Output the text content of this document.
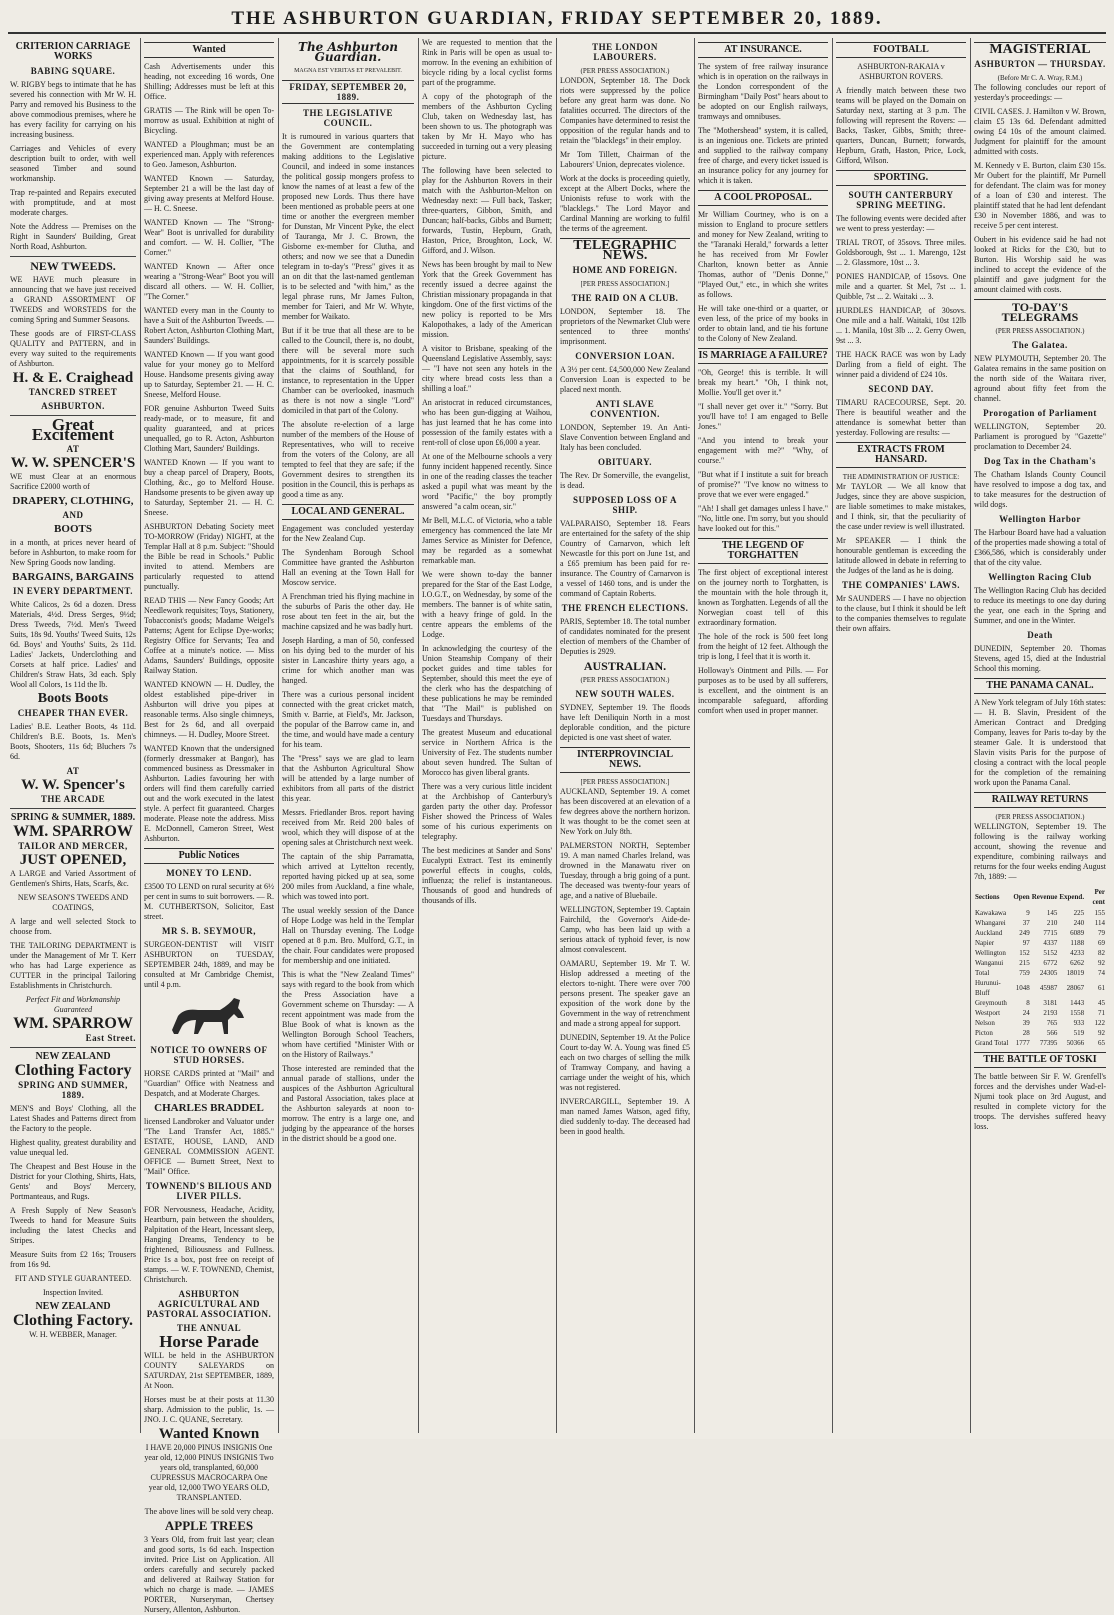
THE ASHBURTON GUARDIAN, FRIDAY SEPTEMBER 20, 1889.
CRITERION CARRIAGE WORKS
BABING SQUARE.

W. RIGBY begs to intimate that he has severed his connection with Mr W. H. Parry and removed his Business to the above commodious premises, where he has every facility for carrying on his increasing business.

Carriages and Vehicles of every description built to order, with well seasoned Timber and sound workmanship.

Trap re-painted and Repairs executed with promptitude, and at most moderate charges.

Note the Address — Premises on the Right in Saunders' Building, Great North Road, Ashburton.

NEW TWEEDS.

WE HAVE much pleasure in announcing that we have just received a GRAND ASSORTMENT OF TWEEDS and WORSTEDS for the coming Spring and Summer Seasons.

These goods are of FIRST-CLASS QUALITY and PATTERN, and in every way suited to the requirements of Ashburton.

H. & E. Craighead
TANCRED STREET
ASHBURTON.
Great Excitement
AT
W. W. SPENCER'S

WE must Clear at an enormous Sacrifice £2000 worth of

DRAPERY, CLOTHING,
AND
BOOTS

in a month, at prices never heard of before in Ashburton, to make room for New Spring Goods now landing.

BARGAINS, BARGAINS
IN EVERY DEPARTMENT.

White Calicos, 2s 6d a dozen. Dress Materials, 4½d. Dress Serges, 9½d; Dress Tweeds, 7½d. Men's Tweed Suits, 18s 9d. Youths' Tweed Suits, 12s 6d. Boys' and Youths' Suits, 2s 11d. Ladies' Jackets, Underclothing and Corsets at half price. Ladies' and Children's Straw Hats, 3d each. Sply Wool all Colors, 1s 11d the lb.

Boots Boots
CHEAPER THAN EVER.

Ladies' B.E. Leather Boots, 4s 11d. Children's B.E. Boots, 1s. Men's Boots, Shooters, 11s 6d; Bluchers 7s 6d.

AT
W. W. Spencer's
THE ARCADE
SPRING & SUMMER, 1889.
WM. SPARROW
TAILOR AND MERCER,
JUST OPENED,

A LARGE and Varied Assortment of Gentlemen's Shirts, Hats, Scarfs, &c.

NEW SEASON'S TWEEDS AND COATINGS,

A large and well selected Stock to choose from.

THE TAILORING DEPARTMENT is under the Management of Mr T. Kerr who has had Large experience as CUTTER in the principal Tailoring Establishments in Christchurch.

Perfect Fit and Workmanship Guaranteed

WM. SPARROW
East Street.
NEW ZEALAND
Clothing Factory
SPRING AND SUMMER, 1889.

MEN'S and Boys' Clothing, all the Latest Shades and Patterns direct from the Factory to the people.

Highest quality, greatest durability and value unequal led.

The Cheapest and Best House in the District for your Clothing, Shirts, Hats, Gents' and Boys' Mercery, Portmanteaus, and Rugs.

A Fresh Supply of New Season's Tweeds to hand for Measure Suits including the latest Checks and Stripes.

Measure Suits from £2 16s; Trousers from 16s 9d.

FIT AND STYLE GUARANTEED.

Inspection Invited.

NEW ZEALAND
Clothing Factory.

W. H. WEBBER, Manager.

Wanted

Cash Advertisements under this heading, not exceeding 16 words, One Shilling; Addresses must be left at this Office.

GRATIS — The Rink will be open To-morrow as usual. Exhibition at night of Bicycling.

WANTED a Ploughman; must be an experienced man. Apply with references to Geo. Jameson, Ashburton.

WANTED Known — Saturday, September 21 a will be the last day of giving away presents at Melford House. — H. C. Sneese.

WANTED Known — The "Strong-Wear" Boot is unrivalled for durability and comfort. — W. H. Collier, "The Corner."

WANTED Known — After once wearing a "Strong-Wear" Boot you will discard all others. — W. H. Collier, "The Corner."

WANTED every man in the County to have a Suit of the Ashburton Tweeds. — Robert Acton, Ashburton Clothing Mart, Saunders' Buildings.

WANTED Known — If you want good value for your money go to Melford House. Handsome presents giving away up to Saturday, September 21. — H. C. Sneese, Melford House.

FOR genuine Ashburton Tweed Suits ready-made, or to measure, fit and quality guaranteed, and at prices unequalled, go to R. Acton, Ashburton Clothing Mart, Saunders' Buildings.

WANTED Known — If you want to buy a cheap parcel of Drapery, Boots, Clothing, &c., go to Melford House. Handsome presents to be given away up to Saturday, September 21. — H. C. Sneese.

ASHBURTON Debating Society meet TO-MORROW (Friday) NIGHT, at the Templar Hall at 8 p.m. Subject: "Should the Bible be read in Schools." Public invited to attend. Members are particularly requested to attend punctually.

READ THIS — New Fancy Goods; Art Needlework requisites; Toys, Stationery, Tobacconist's goods; Madame Weigel's Patterns; Agent for Eclipse Dye-works; Registry Office for Servants; Tea and Coffee at a minute's notice. — Miss Adams, Saunders' Buildings, opposite Railway Station.

WANTED KNOWN — H. Dudley, the oldest established pipe-driver in Ashburton will drive you pipes at reasonable terms. Also single chimneys, Best for 2s 6d, and all overpaid chimneys. — H. Dudley, Moore Street.

WANTED Known that the undersigned (formerly dressmaker at Bangor), has commenced business as Dressmaker in Ashburton. Ladies favouring her with orders will find them carefully carried out and the work executed in the latest style. A perfect fit guaranteed. Charges moderate. Please note the address. Miss E. McDonnell, Cameron Street, West Ashburton.

Public Notices
MONEY TO LEND.

£3500 TO LEND on rural security at 6½ per cent in sums to suit borrowers. — R. M. CUTHBERTSON, Solicitor, East street.

MR S. B. SEYMOUR,

SURGEON-DENTIST will VISIT ASHBURTON on TUESDAY, SEPTEMBER 24th, 1889, and may be consulted at Mr Cambridge Chemist, until 4 p.m.

NOTICE TO OWNERS OF STUD HORSES.

HORSE CARDS printed at "Mail" and "Guardian" Office with Neatness and Despatch, and at Moderate Charges.

CHARLES BRADDEL

licensed Landbroker and Valuator under "The Land Transfer Act, 1885." ESTATE, HOUSE, LAND, AND GENERAL COMMISSION AGENT. OFFICE — Burnett Street, Next to "Mail" Office.

TOWNEND'S BILIOUS AND LIVER PILLS.

FOR Nervousness, Headache, Acidity, Heartburn, pain between the shoulders, Palpitation of the Heart, Incessant sleep, Hanging Dreams, Tendency to be frightened, Biliousness and Fullness. Price 1s a box, post free on receipt of stamps. — W. F. TOWNEND, Chemist, Christchurch.

ASHBURTON AGRICULTURAL AND PASTORAL ASSOCIATION.
THE ANNUAL
Horse Parade

WILL be held in the ASHBURTON COUNTY SALEYARDS on SATURDAY, 21st SEPTEMBER, 1889, At Noon.

Horses must be at their posts at 11.30 sharp. Admission to the public, 1s. — JNO. J. C. QUANE, Secretary.

Wanted Known

I HAVE 20,000 PINUS INSIGNIS One year old, 12,000 PINUS INSIGNIS Two years old, transplanted, 60,000 CUPRESSUS MACROCARPA One year old, 12,000 TWO YEARS OLD, TRANSPLANTED.

The above lines will be sold very cheap.

APPLE TREES

3 Years Old, from fruit last year; clean and good sorts, 1s 6d each. Inspection invited. Price List on Application. All orders carefully and securely packed and delivered at Railway Station for which no charge is made. — JAMES PORTER, Nurseryman, Chertsey Nursery, Allenton, Ashburton.

The Ashburton Guardian.
MAGNA EST VERITAS ET PREVALEBIT.
FRIDAY, SEPTEMBER 20, 1889.
THE LEGISLATIVE COUNCIL.

It is rumoured in various quarters that the Government are contemplating making additions to the Legislative Council, and indeed in some instances the political gossip mongers profess to know the names of at least a few of the proposed new Lords. Thus there have been mentioned as probable peers at one time or another the evergreen member for Dunstan, Mr Vincent Pyke, the elect of Tauranga, Mr J. C. Brown, the Gisborne ex-member for Clutha, and others; and now we see that a Dunedin telegram in to-day's "Press" gives it as an on dit that the last-named gentleman is to be selected and "with him," as the legal phrase runs, Mr James Fulton, member for Taieri, and Mr W. Whyte, member for Waikato.

But if it be true that all these are to be called to the Council, there is, no doubt, there will be several more such appointments, for it is scarcely possible that the claims of Southland, for instance, to representation in the Upper Chamber can be overlooked, inasmuch as there is not now a single "Lord" domiciled in that part of the Colony.

The absolute re-election of a large number of the members of the House of Representatives, who will to receive from the voters of the Colony, are all tempted to feel that they are safe; if the Government desires to strengthen its position in the Council, this is perhaps as good a time as any.

LOCAL AND GENERAL.

Engagement was concluded yesterday for the New Zealand Cup.

The Syndenham Borough School Committee have granted the Ashburton Hall an evening at the Town Hall for Moscow service.

A Frenchman tried his flying machine in the suburbs of Paris the other day. He rose about ten feet in the air, but the machine capsized and he was badly hurt.

Joseph Harding, a man of 50, confessed on his dying bed to the murder of his sister in Lancashire thirty years ago, a crime for which another man was hanged.

There was a curious personal incident connected with the great cricket match, Smith v. Barrie, at Field's, Mr. Jackson, the popular of the Barrow came in, and the time, and would have made a century for his team.

The "Press" says we are glad to learn that the Ashburton Agricultural Show will be attended by a large number of exhibitors from all parts of the district this year.

Messrs. Friedlander Bros. report having received from Mr. Reid 200 bales of wool, which they will dispose of at the opening sales at Christchurch next week.

The captain of the ship Parramatta, which arrived at Lyttelton recently, reported having picked up at sea, some 200 miles from Auckland, a fine whale, which was towed into port.

The usual weekly session of the Dance of Hope Lodge was held in the Templar Hall on Thursday evening. The Lodge opened at 8 p.m. Bro. Mulford, G.T., in the chair. Four candidates were proposed for membership and one initiated.

This is what the "New Zealand Times" says with regard to the book from which the Press Association have a Government scheme on Thursday: — A recent appointment was made from the Blue Book of what is known as the Wellington Borough School Teachers, whom have certified "Minister With or on the History of Railways."

Those interested are reminded that the annual parade of stallions, under the auspices of the Ashburton Agricultural and Pastoral Association, takes place at the Ashburton saleyards at noon to-morrow. The entry is a large one, and judging by the appearance of the horses in the district should be a good one.

We are requested to mention that the Rink in Paris will be open as usual to-morrow. In the evening an exhibition of bicycle riding by a local cyclist forms part of the programme.

A copy of the photograph of the members of the Ashburton Cycling Club, taken on Wednesday last, has been shown to us. The photograph was taken by Mr H. Mayo who has succeeded in turning out a very pleasing picture.

The following have been selected to play for the Ashburton Rovers in their match with the Ashburton-Melton on Wednesday next: — Full back, Tasker; three-quarters, Gibbon, Smith, and Duncan; half-backs, Gibbs and Burnett; forwards, Tustin, Hepburn, Grath, Haston, Price, Broughton, Lock, W. Gifford, and J. Wilson.

News has been brought by mail to New York that the Greek Government has recently issued a decree against the Christian missionary propaganda in that kingdom. One of the first victims of the new policy is reported to be Mrs Kalopothakes, a lady of the American mission.

A visitor to Brisbane, speaking of the Queensland Legislative Assembly, says: — "I have not seen any hotels in the city where bread costs less than a shilling a loaf."

An aristocrat in reduced circumstances, who has been gun-digging at Waihou, has just learned that he has come into possession of the family estates with a rent-roll of close upon £6,000 a year.

At one of the Melbourne schools a very funny incident happened recently. Since in one of the reading classes the teacher asked a pupil what was meant by the word "Pacific," the boy promptly answered "a calm ocean, sir."

Mr Bell, M.L.C. of Victoria, who a table emergency has commenced the late Mr James Service as Minister for Defence, may be regarded as a somewhat remarkable man.

We were shown to-day the banner prepared for the Star of the East Lodge, I.O.G.T., on Wednesday, by some of the members. The banner is of white satin, with a heavy fringe of gold. In the centre appears the emblems of the Lodge.

In acknowledging the courtesy of the Union Steamship Company of their pocket guides and time tables for September, should this meet the eye of the clerk who has the despatching of these publications he may be reminded that "The Mail" is published on Tuesdays and Thursdays.

The greatest Museum and educational service in Northern Africa is the University of Fez. The students number about seven hundred. The Sultan of Morocco has given liberal grants.

There was a very curious little incident at the Archbishop of Canterbury's garden party the other day. Professor Fisher showed the Princess of Wales some of his curious experiments on telegraphy.

The best medicines at Sander and Sons' Eucalypti Extract. Test its eminently powerful effects in coughs, colds, influenza; the relief is instantaneous. Thousands of good and hundreds of thousands of ills.

THE LONDON LABOURERS.
(PER PRESS ASSOCIATION.)

LONDON, September 18. The Dock riots were suppressed by the police before any great harm was done. No fatalities occurred. The directors of the Companies have determined to resist the opposition of the regular hands and to retain the "blacklegs" in their employ.

Mr Tom Tillett, Chairman of the Labourers' Union, deprecates violence.

Work at the docks is proceeding quietly, except at the Albert Docks, where the Unionists refuse to work with the "blacklegs." The Lord Mayor and Cardinal Manning are working to fulfil the terms of the agreement.

TELEGRAPHIC NEWS.
HOME AND FOREIGN.
[PER PRESS ASSOCIATION.]
THE RAID ON A CLUB.

LONDON, September 18. The proprietors of the Newmarket Club were sentenced to three months' imprisonment.

CONVERSION LOAN.

A 3½ per cent. £4,500,000 New Zealand Conversion Loan is expected to be placed next month.

ANTI SLAVE CONVENTION.

LONDON, September 19. An Anti-Slave Convention between England and Italy has been concluded.

OBITUARY.

The Rev. Dr Somerville, the evangelist, is dead.

SUPPOSED LOSS OF A SHIP.

VALPARAISO, September 18. Fears are entertained for the safety of the ship Country of Carnarvon, which left Newcastle for this port on June 1st, and a £65 premium has been paid for re-insurance. The Country of Carnarvon is a vessel of 1460 tons, and is under the command of Captain Roberts.

THE FRENCH ELECTIONS.

PARIS, September 18. The total number of candidates nominated for the present election of members of the Chamber of Deputies is 2929.

AUSTRALIAN.
(PER PRESS ASSOCIATION.)
NEW SOUTH WALES.

SYDNEY, September 19. The floods have left Deniliquin North in a most deplorable condition, and the picture depicted is one vast sheet of water.

INTERPROVINCIAL NEWS.
[PER PRESS ASSOCIATION.]

AUCKLAND, September 19. A comet has been discovered at an elevation of a few degrees above the northern horizon. It was thought to be the comet seen at New York on July 8th.

PALMERSTON NORTH, September 19. A man named Charles Ireland, was drowned in the Manawatu river on Tuesday, through a brig going of a punt. The deceased was twenty-four years of age, and a native of Bluebaile.

WELLINGTON, September 19. Captain Fairchild, the Governor's Aide-de-Camp, who has been laid up with a serious attack of typhoid fever, is now almost convalescent.

OAMARU, September 19. Mr T. W. Hislop addressed a meeting of the electors to-night. There were over 700 persons present. The speaker gave an exposition of the work done by the Government in the way of retrenchment and made a strong appeal for support.

DUNEDIN, September 19. At the Police Court to-day W. A. Young was fined £5 each on two charges of selling the milk of Tramway Company, and having a carriage under the weight of his, which was not registered.

INVERCARGILL, September 19. A man named James Watson, aged fifty, died suddenly to-day. The deceased had been in good health.

AT INSURANCE.

The system of free railway insurance which is in operation on the railways in the London correspondent of the Birmingham "Daily Post" hears about to be adopted on our English railways, tramways and omnibuses.

The "Mothershead" system, it is called, is an ingenious one. Tickets are printed and supplied to the railway company free of charge, and every ticket issued is an insurance policy for any journey for which it is taken.

A COOL PROPOSAL.

Mr William Courtney, who is on a mission to England to procure settlers and money for New Zealand, writing to the "Taranaki Herald," forwards a letter he has received from Mr Fowler Charlton, known better as Annie Thomas, author of "Denis Donne," "Played Out," etc., in which she writes as follows.

He will take one-third or a quarter, or even less, of the price of my books in order to obtain land, and tie his fortune to the Colony of New Zealand.

IS MARRIAGE A FAILURE?

"Oh, George! this is terrible. It will break my heart." "Oh, I think not, Mollie. You'll get over it."

"I shall never get over it." "Sorry. But you'll have to! I am engaged to Belle Jones."

"And you intend to break your engagement with me?" "Why, of course."

"But what if I institute a suit for breach of promise?" "I've know no witness to prove that we ever were engaged."

"Ah! I shall get damages unless I have." "No, little one. I'm sorry, but you should have looked out for this."

THE LEGEND OF TORGHATTEN

The first object of exceptional interest on the journey north to Torghatten, is the mountain with the hole through it, known as Torghatten. Legends of all the Norwegian coast tell of this extraordinary formation.

The hole of the rock is 500 feet long from the height of 12 feet. Although the trip is long, I feel that it is worth it.

Holloway's Ointment and Pills. — For purposes as to be used by all sufferers, is excellent, and the ointment is an incomparable safeguard, affording comfort when used in proper manner.

FOOTBALL

ASHBURTON-RAKAIA v ASHBURTON ROVERS.

A friendly match between these two teams will be played on the Domain on Saturday next, starting at 3 p.m. The following will represent the Rovers: — Backs, Tasker, Gibbs, Smith; three-quarters, Duncan, Burnett; forwards, Hepburn, Grath, Haston, Price, Lock, Gifford, Wilson.

SPORTING.
SOUTH CANTERBURY SPRING MEETING.

The following events were decided after we went to press yesterday: —

TRIAL TROT, of 35sovs. Three miles. Goldsborough, 9st ... 1. Marengo, 12st ... 2. Glassmore, 10st ... 3.

PONIES HANDICAP, of 15sovs. One mile and a quarter. St Mel, 7st ... 1. Quibble, 7st ... 2. Waitaki ... 3.

HURDLES HANDICAP, of 30sovs. One mile and a half. Waitaki, 10st 12lb ... 1. Manila, 10st 3lb ... 2. Gerry Owen, 9st ... 3.

THE HACK RACE was won by Lady Darling from a field of eight. The winner paid a dividend of £24 10s.

SECOND DAY.

TIMARU RACECOURSE, Sept. 20. There is beautiful weather and the attendance is somewhat better than yesterday. Following are results: —

EXTRACTS FROM HANSARD.
THE ADMINISTRATION OF JUSTICE:

Mr TAYLOR — We all know that Judges, since they are above suspicion, are liable sometimes to make mistakes, and I think, sir, that the peculiarity of the case under review is well illustrated.

Mr SPEAKER — I think the honourable gentleman is exceeding the latitude allowed in debate in referring to the Judges of the land as he is doing.

THE COMPANIES' LAWS.

Mr SAUNDERS — I have no objection to the clause, but I think it should be left to the companies themselves to regulate their own affairs.

MAGISTERIAL
ASHBURTON — THURSDAY.
(Before Mr C. A. Wray, R.M.)

The following concludes our report of yesterday's proceedings: —

CIVIL CASES. J. Hamilton v W. Brown, claim £5 13s 6d. Defendant admitted owing £4 10s of the amount claimed. Judgment for plaintiff for the amount admitted with costs.

M. Kennedy v E. Burton, claim £30 15s. Mr Oubert for the plaintiff, Mr Purnell for defendant. The claim was for money of a loan of £30 and interest. The plaintiff stated that he had lent defendant £30 in November 1886, and was to receive 5 per cent interest.

Oubert in his evidence said he had not looked at Ricks for the £30, but to Burton. His Worship said he was inclined to accept the evidence of the plaintiff and gave judgment for the amount claimed with costs.

TO-DAY'S TELEGRAMS
(PER PRESS ASSOCIATION.)
The Galatea.

NEW PLYMOUTH, September 20. The Galatea remains in the same position on the north side of the Waitara river, aground about fifty feet from the channel.

Prorogation of Parliament

WELLINGTON, September 20. Parliament is prorogued by "Gazette" proclamation to December 24.

Dog Tax in the Chatham's

The Chatham Islands County Council have resolved to impose a dog tax, and to take measures for the destruction of wild dogs.

Wellington Harbor

The Harbour Board have had a valuation of the properties made showing a total of £366,586, which is considerably under that of the city value.

Wellington Racing Club

The Wellington Racing Club has decided to reduce its meetings to one day during the year, one each in the Spring and Summer, and one in the Winter.

Death

DUNEDIN, September 20. Thomas Stevens, aged 15, died at the Industrial School this morning.

THE PANAMA CANAL.

A New York telegram of July 16th states: — H. B. Slavin, President of the American Contract and Dredging Company, leaves for Paris to-day by the steamer Gale. It is understood that Slavin visits Paris for the purpose of closing a contract with the local people for the completion of the remaining work upon the Panama Canal.

RAILWAY RETURNS
(PER PRESS ASSOCIATION.)

WELLINGTON, September 19. The following is the railway working account, showing the revenue and expenditure, combining railways and returns for the four weeks ending August 7th, 1889: —

Sections	Open	Revenue	Expend.	Per cent
Kawakawa	9	145	225	155
Whangarei	37	210	240	114
Auckland	249	7715	6089	79
Napier	97	4337	1188	69
Wellington	152	5152	4233	82
Wanganui	215	6772	6262	92
Total	759	24305	18019	74
Hurunui-Bluff	1048	45987	28067	61
Greymouth	8	3181	1443	45
Westport	24	2193	1558	71
Nelson	39	765	933	122
Picton	28	566	519	92
Grand Total	1777	77395	50366	65
THE BATTLE OF TOSKI

The battle between Sir F. W. Grenfell's forces and the dervishes under Wad-el-Njumi took place on 3rd August, and resulted in complete victory for the troops. The dervishes suffered heavy loss.
